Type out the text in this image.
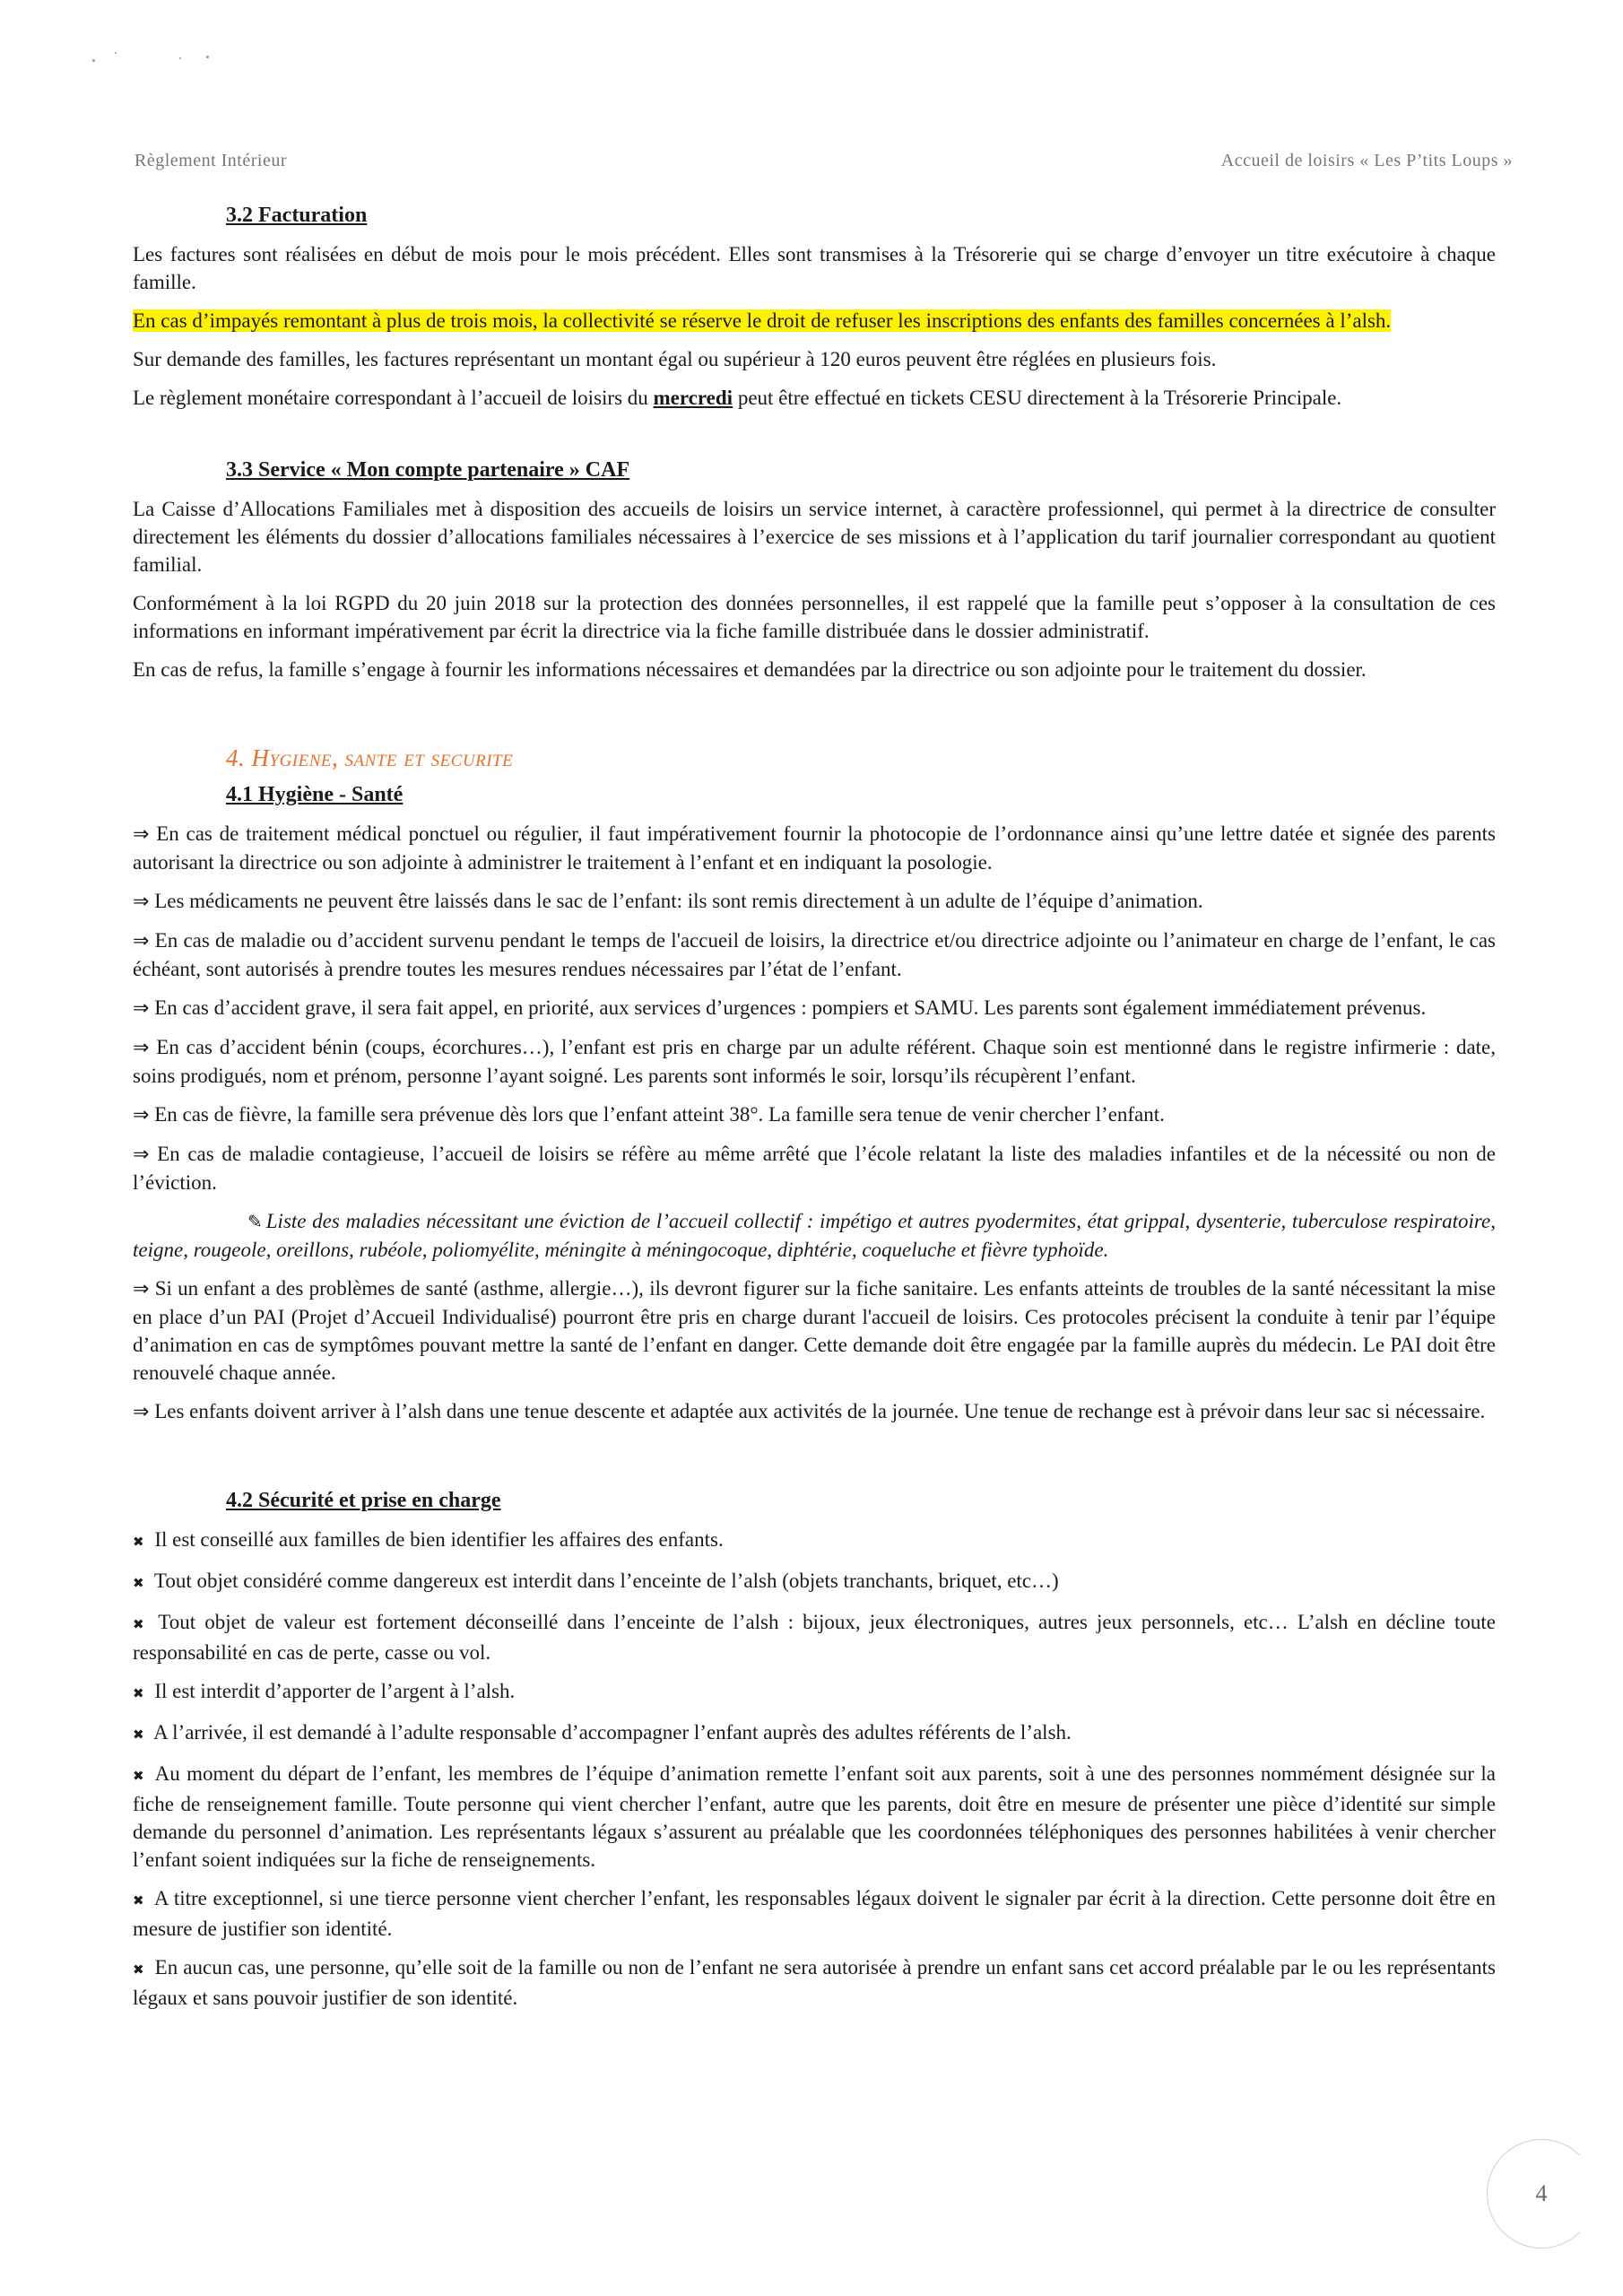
Règlement Intérieur	Accueil de loisirs « Les P’tits Loups »
3.2 Facturation

Les factures sont réalisées en début de mois pour le mois précédent. Elles sont transmises à la Trésorerie qui se charge d’envoyer un titre exécutoire à chaque famille.

En cas d’impayés remontant à plus de trois mois, la collectivité se réserve le droit de refuser les inscriptions des enfants des familles concernées à l’alsh.

Sur demande des familles, les factures représentant un montant égal ou supérieur à 120 euros peuvent être réglées en plusieurs fois.

Le règlement monétaire correspondant à l’accueil de loisirs du mercredi peut être effectué en tickets CESU directement à la Trésorerie Principale.

3.3 Service « Mon compte partenaire » CAF

La Caisse d’Allocations Familiales met à disposition des accueils de loisirs un service internet, à caractère professionnel, qui permet à la directrice de consulter directement les éléments du dossier d’allocations familiales nécessaires à l’exercice de ses missions et à l’application du tarif journalier correspondant au quotient familial.

Conformément à la loi RGPD du 20 juin 2018 sur la protection des données personnelles, il est rappelé que la famille peut s’opposer à la consultation de ces informations en informant impérativement par écrit la directrice via la fiche famille distribuée dans le dossier administratif.

En cas de refus, la famille s’engage à fournir les informations nécessaires et demandées par la directrice ou son adjointe pour le traitement du dossier.

4. Hygiene, sante et securite
4.1 Hygiène - Santé

⇒ En cas de traitement médical ponctuel ou régulier, il faut impérativement fournir la photocopie de l’ordonnance ainsi qu’une lettre datée et signée des parents autorisant la directrice ou son adjointe à administrer le traitement à l’enfant et en indiquant la posologie.

⇒ Les médicaments ne peuvent être laissés dans le sac de l’enfant: ils sont remis directement à un adulte de l’équipe d’animation.

⇒ En cas de maladie ou d’accident survenu pendant le temps de l'accueil de loisirs, la directrice et/ou directrice adjointe ou l’animateur en charge de l’enfant, le cas échéant, sont autorisés à prendre toutes les mesures rendues nécessaires par l’état de l’enfant.

⇒ En cas d’accident grave, il sera fait appel, en priorité, aux services d’urgences : pompiers et SAMU. Les parents sont également immédiatement prévenus.

⇒ En cas d’accident bénin (coups, écorchures…), l’enfant est pris en charge par un adulte référent. Chaque soin est mentionné dans le registre infirmerie : date, soins prodigués, nom et prénom, personne l’ayant soigné. Les parents sont informés le soir, lorsqu’ils récupèrent l’enfant.

⇒ En cas de fièvre, la famille sera prévenue dès lors que l’enfant atteint 38°. La famille sera tenue de venir chercher l’enfant.

⇒ En cas de maladie contagieuse, l’accueil de loisirs se réfère au même arrêté que l’école relatant la liste des maladies infantiles et de la nécessité ou non de l’éviction.

✎ Liste des maladies nécessitant une éviction de l’accueil collectif : impétigo et autres pyodermites, état grippal, dysenterie, tuberculose respiratoire, teigne, rougeole, oreillons, rubéole, poliomyélite, méningite à méningocoque, diphtérie, coqueluche et fièvre typhoïde.

⇒ Si un enfant a des problèmes de santé (asthme, allergie…), ils devront figurer sur la fiche sanitaire. Les enfants atteints de troubles de la santé nécessitant la mise en place d’un PAI (Projet d’Accueil Individualisé) pourront être pris en charge durant l'accueil de loisirs. Ces protocoles précisent la conduite à tenir par l’équipe d’animation en cas de symptômes pouvant mettre la santé de l’enfant en danger. Cette demande doit être engagée par la famille auprès du médecin. Le PAI doit être renouvelé chaque année.

⇒ Les enfants doivent arriver à l’alsh dans une tenue descente et adaptée aux activités de la journée. Une tenue de rechange est à prévoir dans leur sac si nécessaire.

4.2 Sécurité et prise en charge

✖ Il est conseillé aux familles de bien identifier les affaires des enfants.

✖ Tout objet considéré comme dangereux est interdit dans l’enceinte de l’alsh (objets tranchants, briquet, etc…)

✖ Tout objet de valeur est fortement déconseillé dans l’enceinte de l’alsh : bijoux, jeux électroniques, autres jeux personnels, etc… L’alsh en décline toute responsabilité en cas de perte, casse ou vol.

✖ Il est interdit d’apporter de l’argent à l’alsh.

✖ A l’arrivée, il est demandé à l’adulte responsable d’accompagner l’enfant auprès des adultes référents de l’alsh.

✖ Au moment du départ de l’enfant, les membres de l’équipe d’animation remette l’enfant soit aux parents, soit à une des personnes nommément désignée sur la fiche de renseignement famille. Toute personne qui vient chercher l’enfant, autre que les parents, doit être en mesure de présenter une pièce d’identité sur simple demande du personnel d’animation. Les représentants légaux s’assurent au préalable que les coordonnées téléphoniques des personnes habilitées à venir chercher l’enfant soient indiquées sur la fiche de renseignements.

✖ A titre exceptionnel, si une tierce personne vient chercher l’enfant, les responsables légaux doivent le signaler par écrit à la direction. Cette personne doit être en mesure de justifier son identité.

✖ En aucun cas, une personne, qu’elle soit de la famille ou non de l’enfant ne sera autorisée à prendre un enfant sans cet accord préalable par le ou les représentants légaux et sans pouvoir justifier de son identité.

4
